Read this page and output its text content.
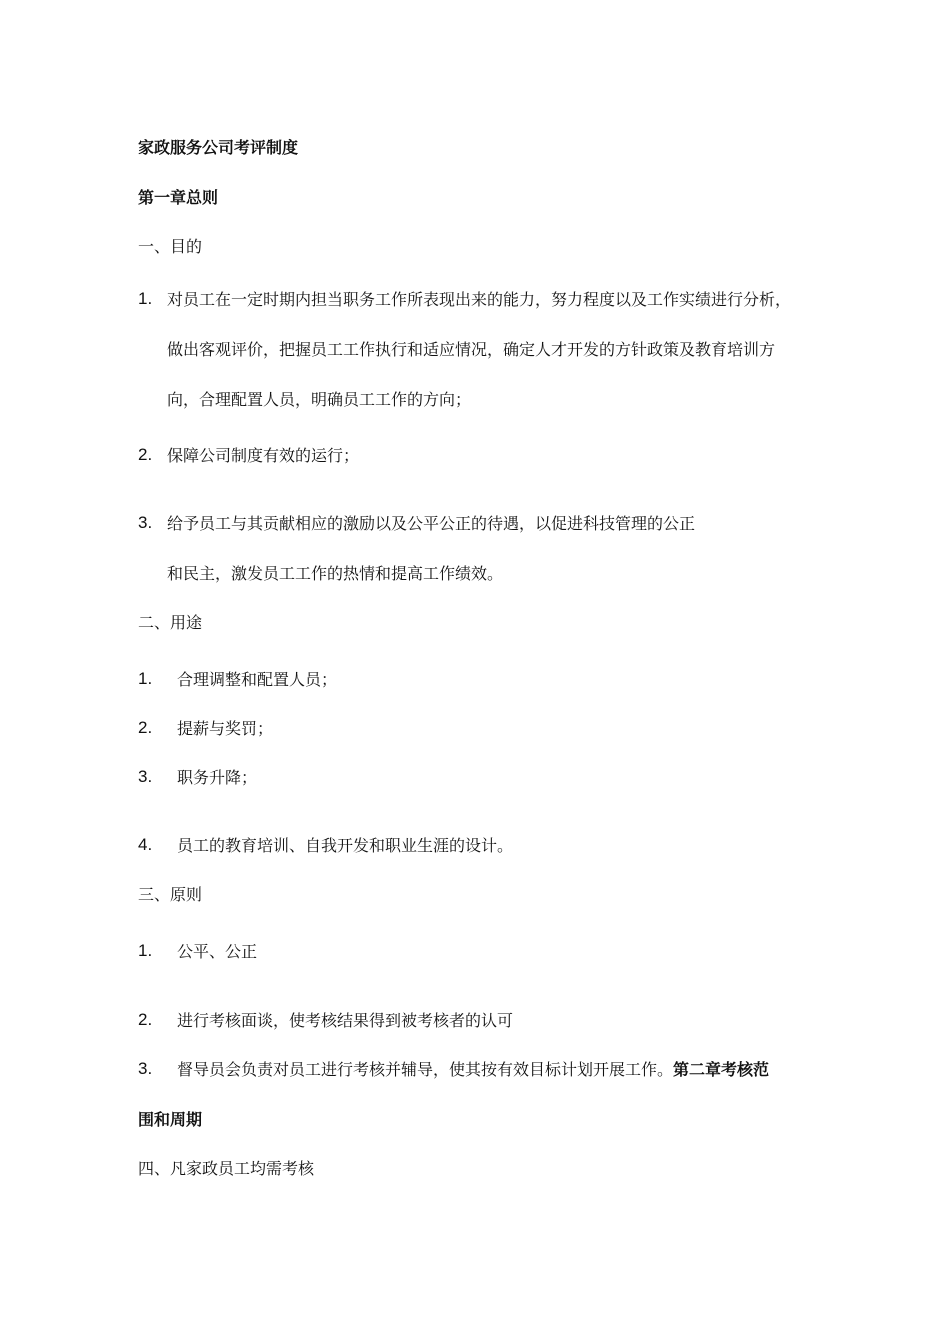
家政服务公司考评制度
第一章总则
一、目的
1. 对员工在一定时期内担当职务工作所表现出来的能力，努力程度以及工作实绩进行分析，
做出客观评价，把握员工工作执行和适应情况，确定人才开发的方针政策及教育培训方
向，合理配置人员，明确员工工作的方向；
2. 保障公司制度有效的运行；
3. 给予员工与其贡献相应的激励以及公平公正的待遇，以促进科技管理的公正
和民主，激发员工工作的热情和提高工作绩效。
二、用途
1. 合理调整和配置人员；
2. 提薪与奖罚；
3. 职务升降；
4. 员工的教育培训、自我开发和职业生涯的设计。
三、原则
1. 公平、公正
2. 进行考核面谈，使考核结果得到被考核者的认可
3. 督导员会负责对员工进行考核并辅导，使其按有效目标计划开展工作。第二章考核范
围和周期
四、凡家政员工均需考核
